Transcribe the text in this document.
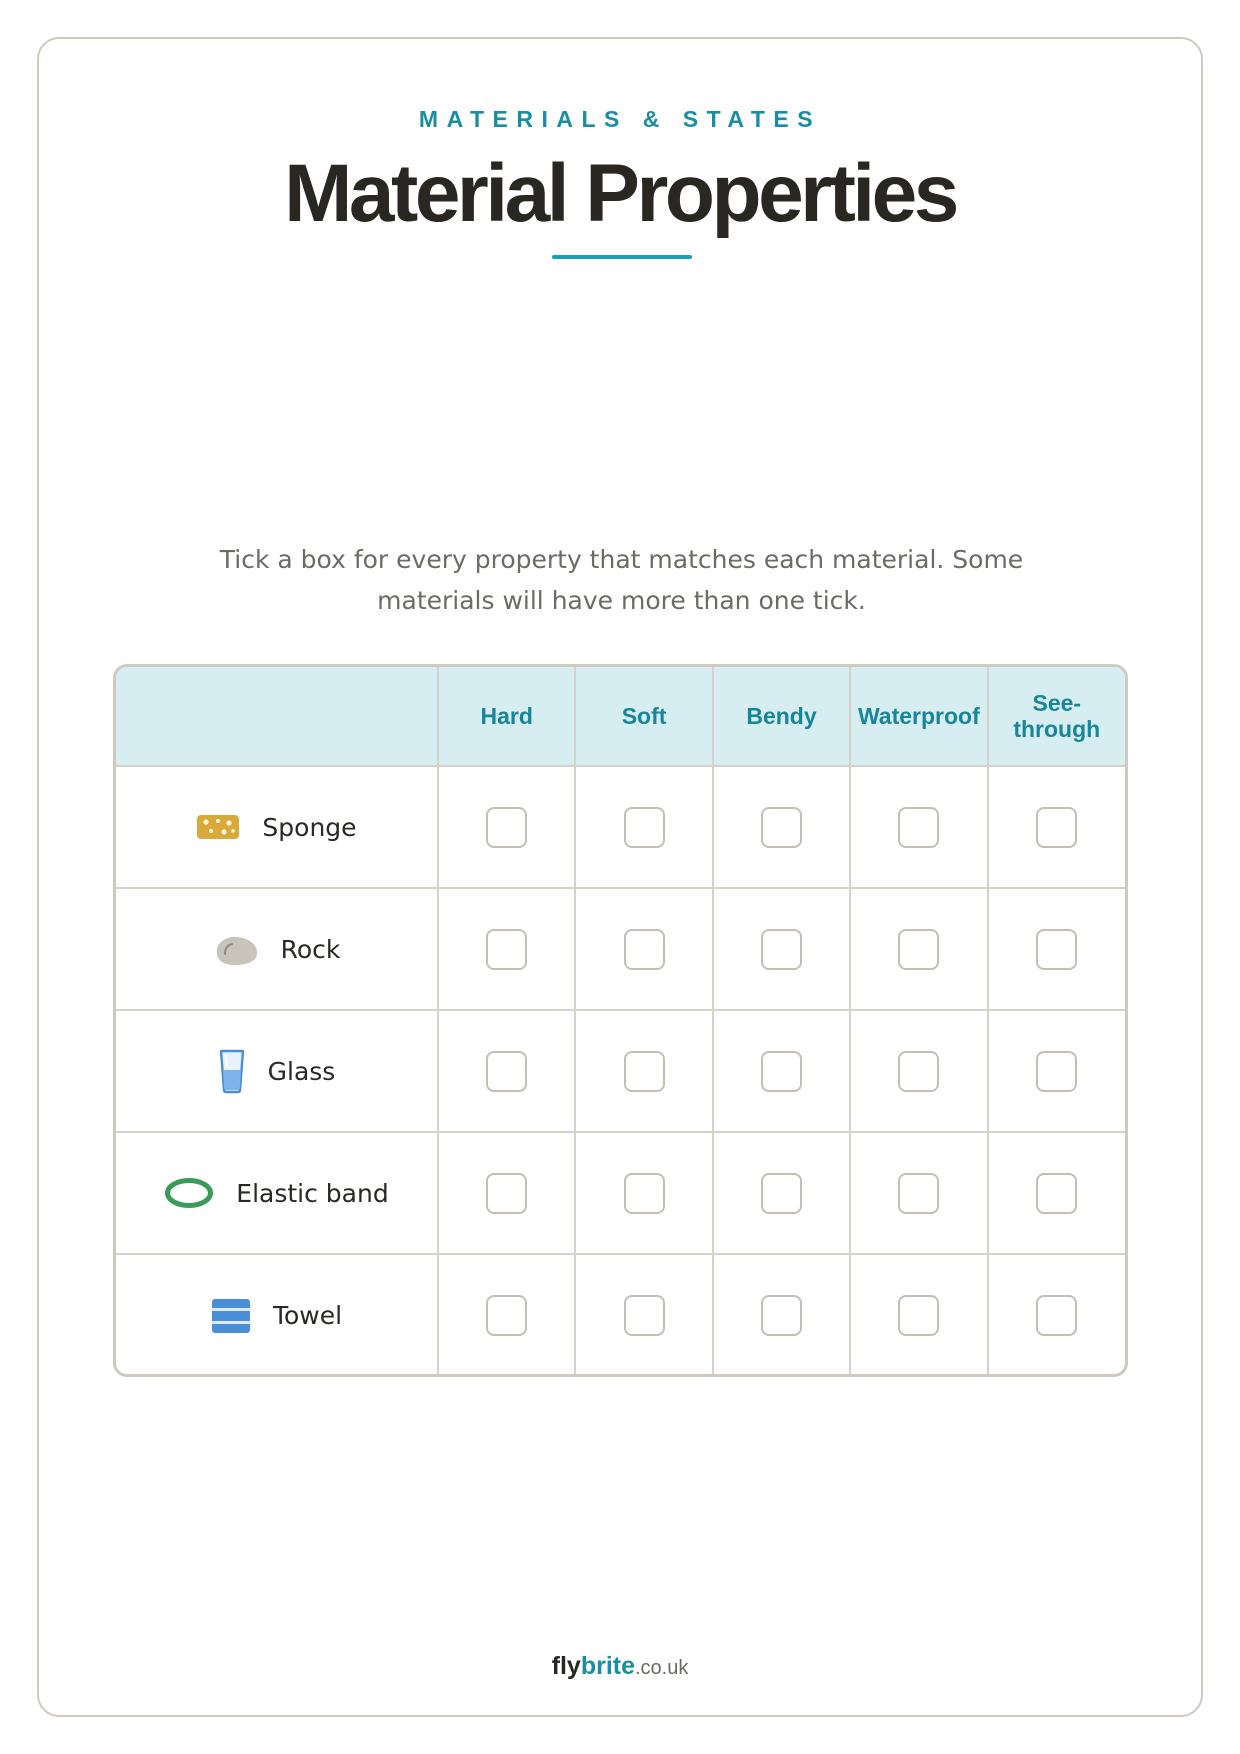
MATERIALS & STATES
Material Properties
Tick a box for every property that matches each material. Some materials will have more than one tick.
	Hard	Soft	Bendy	Waterproof	See-through

Sponge					

Rock					

Glass					

Elastic band					

Towel					

flybrite.co.uk
